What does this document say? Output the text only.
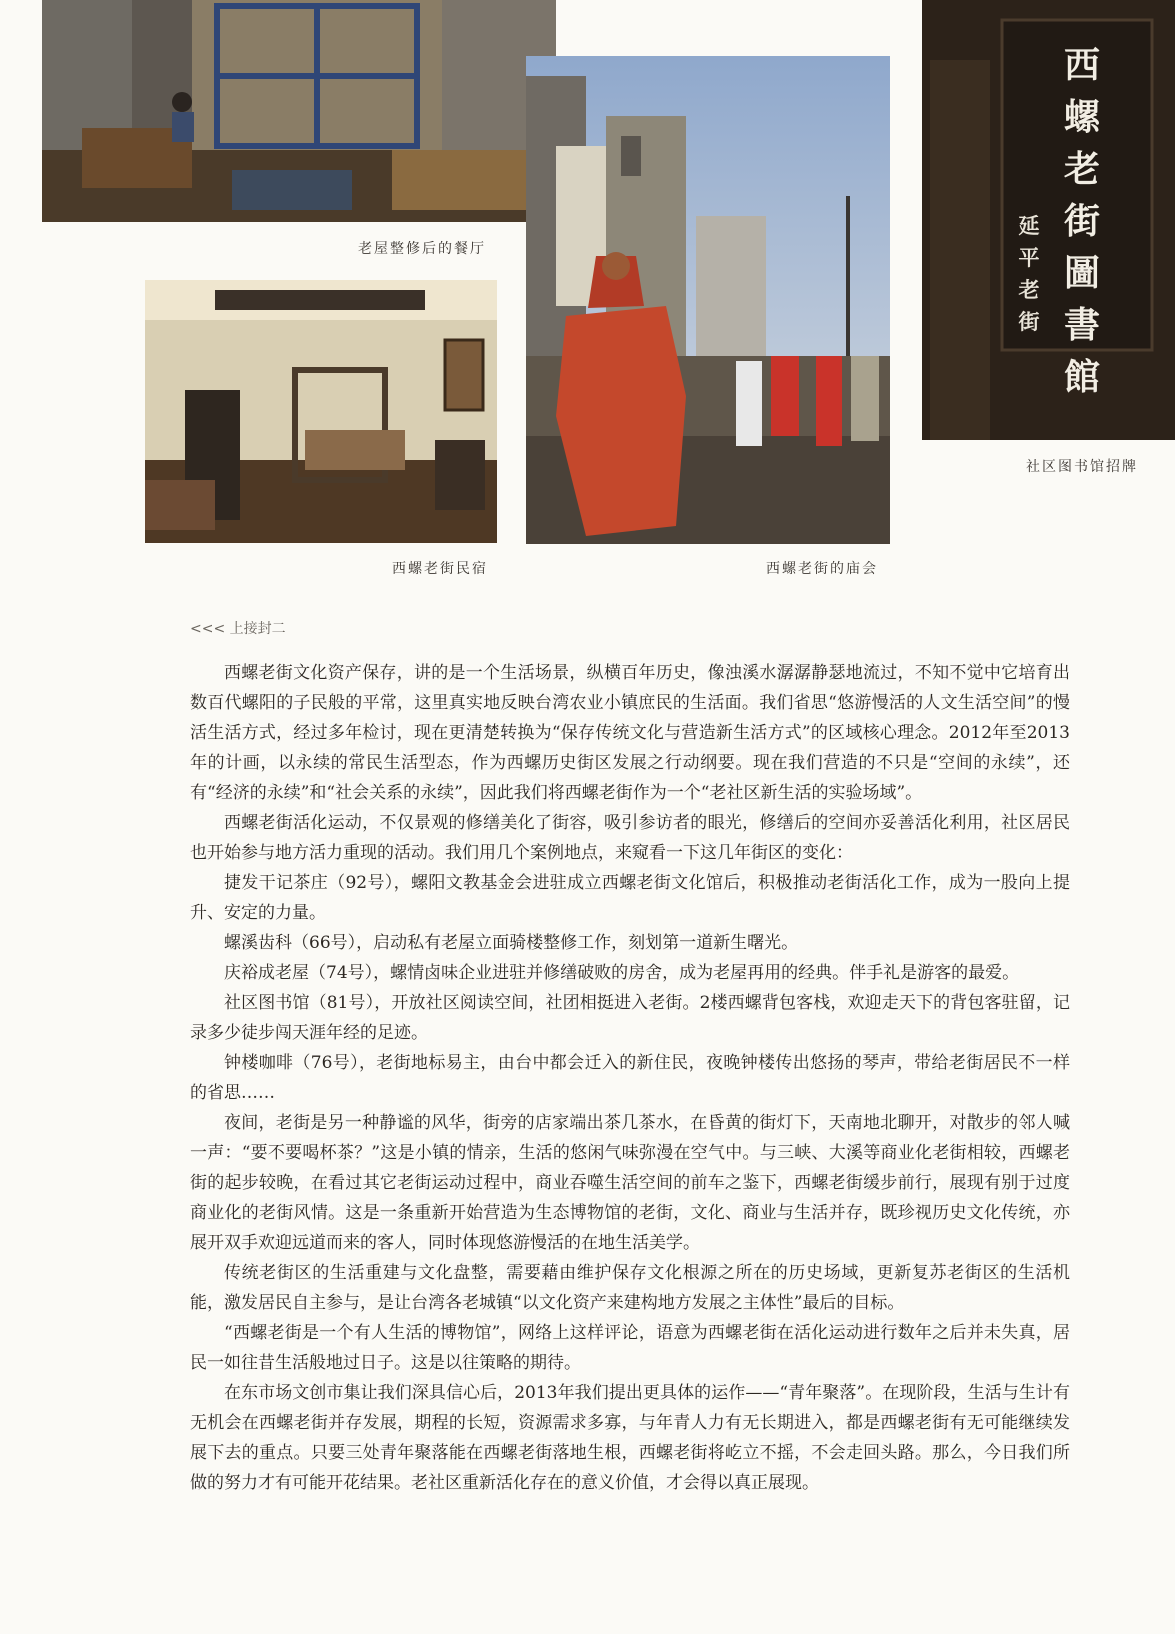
老屋整修后的餐厅
西螺老街的庙会
西螺老街民宿
西螺老街圖書館
延平老街
社区图书馆招牌
<<< 上接封二

西螺老街文化资产保存，讲的是一个生活场景，纵横百年历史，像浊溪水潺潺静瑟地流过，不知不觉中它培育出数百代螺阳的子民般的平常，这里真实地反映台湾农业小镇庶民的生活面。我们省思“悠游慢活的人文生活空间”的慢活生活方式，经过多年检讨，现在更清楚转换为“保存传统文化与营造新生活方式”的区域核心理念。2012年至2013年的计画，以永续的常民生活型态，作为西螺历史街区发展之行动纲要。现在我们营造的不只是“空间的永续”，还有“经济的永续”和“社会关系的永续”，因此我们将西螺老街作为一个“老社区新生活的实验场域”。

西螺老街活化运动，不仅景观的修缮美化了街容，吸引参访者的眼光，修缮后的空间亦妥善活化利用，社区居民也开始参与地方活力重现的活动。我们用几个案例地点，来窥看一下这几年街区的变化：

捷发干记茶庄（92号），螺阳文教基金会进驻成立西螺老街文化馆后，积极推动老街活化工作，成为一股向上提升、安定的力量。

螺溪齿科（66号），启动私有老屋立面骑楼整修工作，刻划第一道新生曙光。

庆裕成老屋（74号），螺情卤味企业进驻并修缮破败的房舍，成为老屋再用的经典。伴手礼是游客的最爱。

社区图书馆（81号），开放社区阅读空间，社团相挺进入老街。2楼西螺背包客栈，欢迎走天下的背包客驻留，记录多少徒步闯天涯年经的足迹。

钟楼咖啡（76号），老街地标易主，由台中都会迁入的新住民，夜晚钟楼传出悠扬的琴声，带给老街居民不一样的省思……

夜间，老街是另一种静谧的风华，街旁的店家端出茶几茶水，在昏黄的街灯下，天南地北聊开，对散步的邻人喊一声：“要不要喝杯茶？”这是小镇的情亲，生活的悠闲气味弥漫在空气中。与三峡、大溪等商业化老街相较，西螺老街的起步较晚，在看过其它老街运动过程中，商业吞噬生活空间的前车之鉴下，西螺老街缓步前行，展现有别于过度商业化的老街风情。这是一条重新开始营造为生态博物馆的老街，文化、商业与生活并存，既珍视历史文化传统，亦展开双手欢迎远道而来的客人，同时体现悠游慢活的在地生活美学。

传统老街区的生活重建与文化盘整，需要藉由维护保存文化根源之所在的历史场域，更新复苏老街区的生活机能，激发居民自主参与，是让台湾各老城镇“以文化资产来建构地方发展之主体性”最后的目标。

“西螺老街是一个有人生活的博物馆”，网络上这样评论，语意为西螺老街在活化运动进行数年之后并未失真，居民一如往昔生活般地过日子。这是以往策略的期待。

在东市场文创市集让我们深具信心后，2013年我们提出更具体的运作——“青年聚落”。在现阶段，生活与生计有无机会在西螺老街并存发展，期程的长短，资源需求多寡，与年青人力有无长期进入，都是西螺老街有无可能继续发展下去的重点。只要三处青年聚落能在西螺老街落地生根，西螺老街将屹立不摇，不会走回头路。那么，今日我们所做的努力才有可能开花结果。老社区重新活化存在的意义价值，才会得以真正展现。
